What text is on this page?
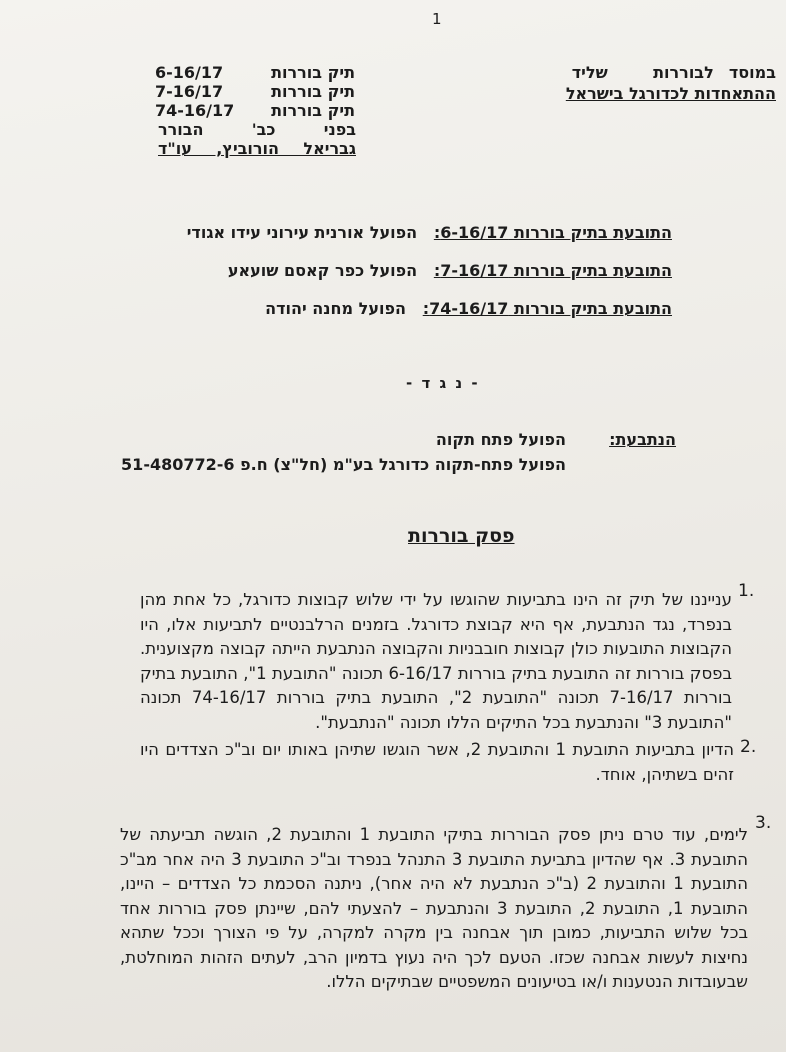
1
במוסד  לבוררות      שליד
ההתאחדות לכדורגל בישראל
תיק בוררות
6-16/17
תיק בוררות
7-16/17
תיק בוררות
74-16/17
בפני כב' הבורר
גבריאל הורוביץ, עו"ד
התובעת בתיק בוררות 6-16/17:   הפועל אורנית עירוני עידו אגודי
התובעת בתיק בוררות 7-16/17:   הפועל כפר קאסם שועאע
התובעת בתיק בוררות 74-16/17:   הפועל מחנה יהודה
- נ ג ד -
הנתבעת:
הפועל פתח תקוה
הפועל פתח-תקוה כדורגל בע"מ (חל"צ) ח.פ 51-480772-6
פסק בוררות
1.
ענייננו של תיק זה הינו בתביעות שהוגשו על ידי שלוש קבוצות כדורגל, כל אחת מהן בנפרד, נגד הנתבעת, אף היא קבוצת כדורגל. בזמנים הרלבנטיים לתביעות אלו, היו הקבוצות התובעות כולן קבוצות חובבניות והקבוצה הנתבעת הייתה קבוצה מקצוענית. בפסק בוררות זה התובעת בתיק בוררות 6-16/17 תכונה "התובעת 1", התובעת בתיק בוררות 7-16/17 תכונה "התובעת 2", התובעת בתיק בוררות 74-16/17 תכונה "התובעת 3" והנתבעת בכל התיקים הללו תכונה "הנתבעת".
2.
הדיון בתביעות התובעת 1 והתובעת 2, אשר הוגשו שתיהן באותו יום וב"כ הצדדים היו זהים בשתיהן, אוחד.
3.
לימים, עוד טרם ניתן פסק הבוררות בתיקי התובעת 1 והתובעת 2, הוגשה תביעתה של התובעת 3. אף שהדיון בתביעת התובעת 3 התנהל בנפרד וב"כ התובעת 3 היה אחר מב"כ התובעת 1 והתובעת 2 (ב"כ הנתבעת לא היה אחר), ניתנה הסכמת כל הצדדים – היינו, התובעת 1, התובעת 2, התובעת 3 והנתבעת – להצעתי להם, שיינתן פסק בוררות אחד בכל שלוש התביעות, כמובן תוך אבחנה בין מקרה למקרה, על פי הצורך וככל שתהא נחיצות לעשות אבחנה שכזו. הטעם לכך היה נעוץ בדמיון הרב, לעתים הזהות המוחלטת, שבעובדות הנטענות ו/או בטיעונים המשפטיים שבתיקים הללו.
